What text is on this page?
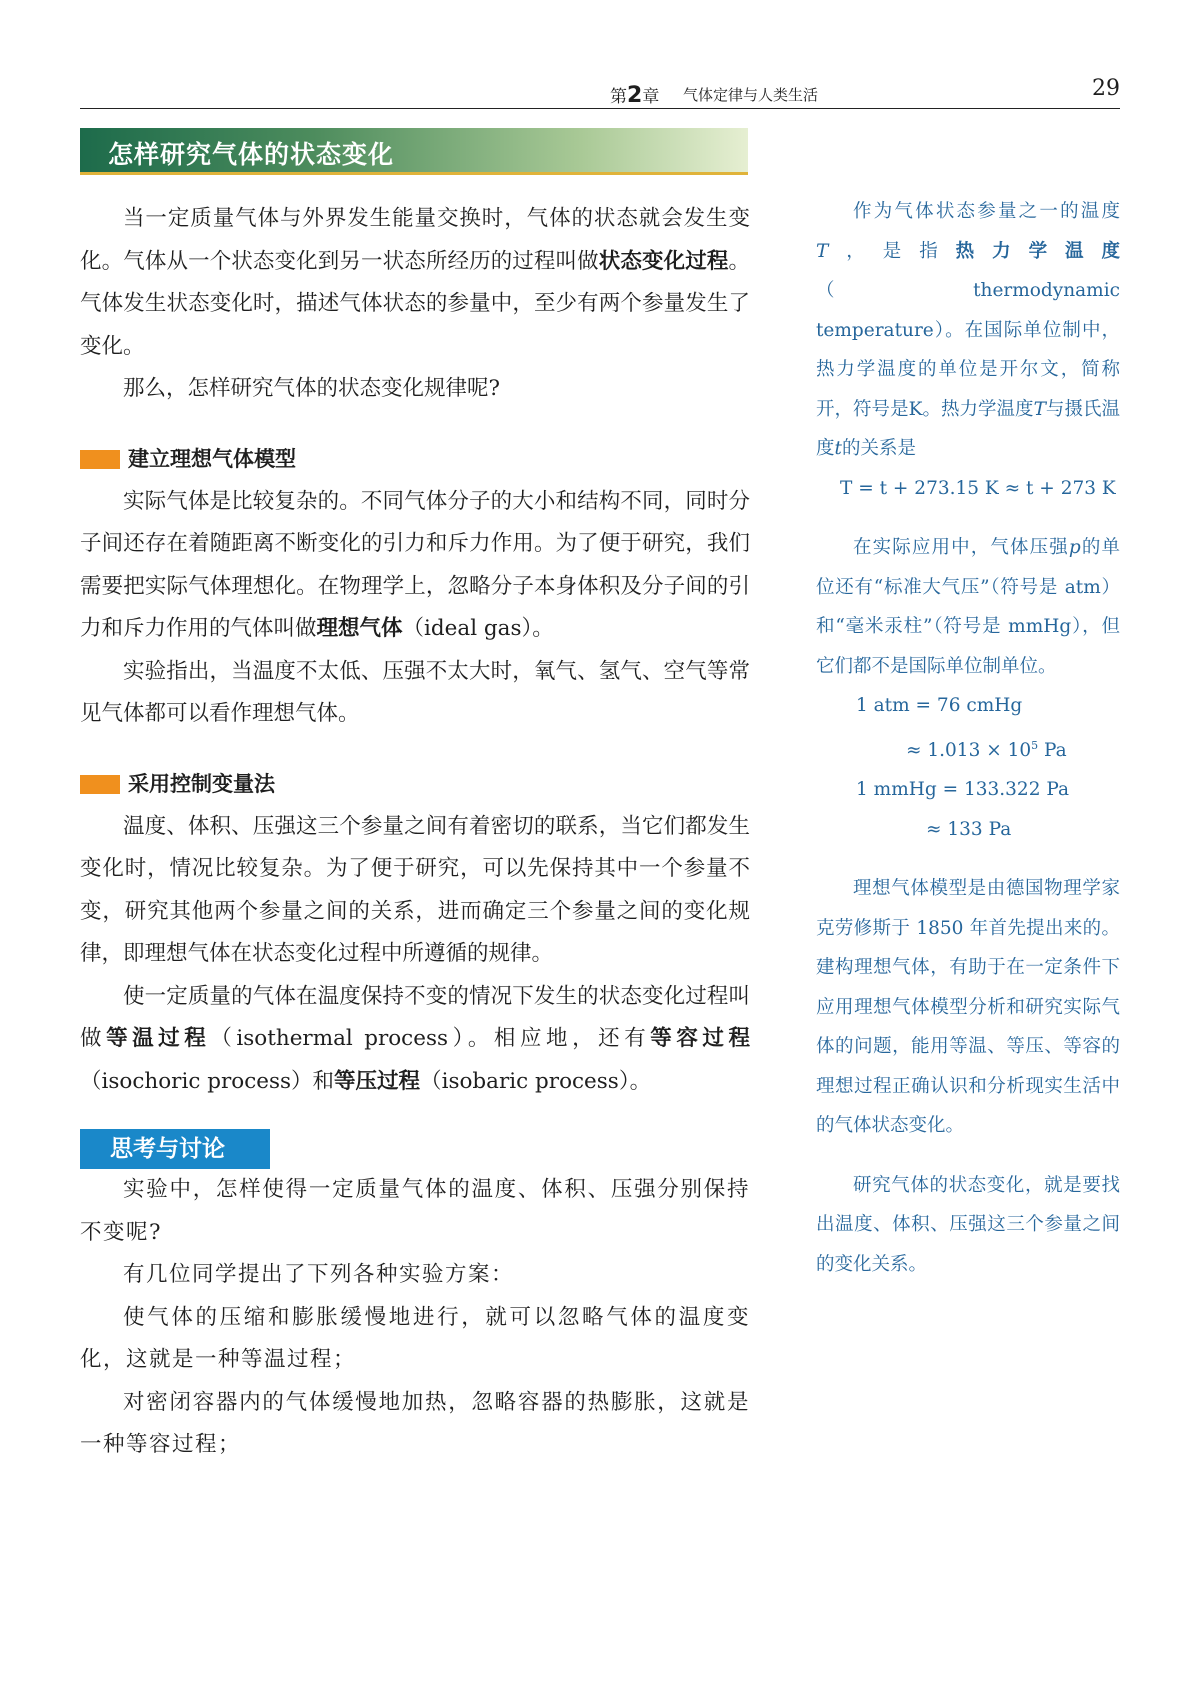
第2章 气体定律与人类生活	29
怎样研究气体的状态变化

当一定质量气体与外界发生能量交换时，气体的状态就会发生变化。气体从一个状态变化到另一状态所经历的过程叫做状态变化过程。气体发生状态变化时，描述气体状态的参量中，至少有两个参量发生了变化。

那么，怎样研究气体的状态变化规律呢?

建立理想气体模型

实际气体是比较复杂的。不同气体分子的大小和结构不同，同时分子间还存在着随距离不断变化的引力和斥力作用。为了便于研究，我们需要把实际气体理想化。在物理学上，忽略分子本身体积及分子间的引力和斥力作用的气体叫做理想气体（ideal gas）。

实验指出，当温度不太低、压强不太大时，氧气、氢气、空气等常见气体都可以看作理想气体。

采用控制变量法

温度、体积、压强这三个参量之间有着密切的联系，当它们都发生变化时，情况比较复杂。为了便于研究，可以先保持其中一个参量不变，研究其他两个参量之间的关系，进而确定三个参量之间的变化规律，即理想气体在状态变化过程中所遵循的规律。

使一定质量的气体在温度保持不变的情况下发生的状态变化过程叫做等温过程（isothermal process）。相应地，还有等容过程（isochoric process）和等压过程（isobaric process）。

思考与讨论

实验中，怎样使得一定质量气体的温度、体积、压强分别保持不变呢?

有几位同学提出了下列各种实验方案：

使气体的压缩和膨胀缓慢地进行，就可以忽略气体的温度变化，这就是一种等温过程；

对密闭容器内的气体缓慢地加热，忽略容器的热膨胀，这就是一种等容过程；

作为气体状态参量之一的温度T，是指热力学温度（thermodynamic temperature）。在国际单位制中，热力学温度的单位是开尔文，简称开，符号是K。热力学温度T与摄氏温度t的关系是

T = t + 273.15 K ≈ t + 273 K

在实际应用中，气体压强p的单位还有“标准大气压”（符号是 atm）和“毫米汞柱”（符号是 mmHg），但它们都不是国际单位制单位。

1 atm = 76 cmHg

≈ $1.013 \times 10^5$ Pa

1 mmHg = 133.322 Pa

≈ 133 Pa

理想气体模型是由德国物理学家克劳修斯于 1850 年首先提出来的。建构理想气体，有助于在一定条件下应用理想气体模型分析和研究实际气体的问题，能用等温、等压、等容的理想过程正确认识和分析现实生活中的气体状态变化。

研究气体的状态变化，就是要找出温度、体积、压强这三个参量之间的变化关系。
